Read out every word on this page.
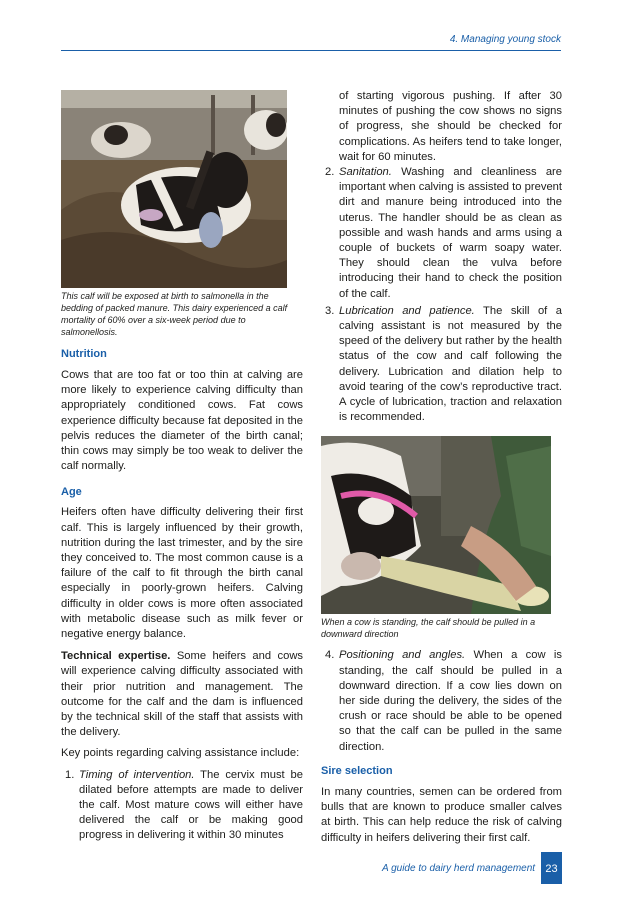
4. Managing young stock
This calf will be exposed at birth to salmonella in the bedding of packed manure. This dairy experienced a calf mortality of 60% over a six-week period due to salmonellosis.
Nutrition

Cows that are too fat or too thin at calving are more likely to experience calving difficulty than appropriately conditioned cows. Fat cows experience difficulty because fat deposited in the pelvis reduces the diameter of the birth canal; thin cows may simply be too weak to deliver the calf normally.

Age

Heifers often have difficulty delivering their first calf. This is largely influenced by their growth, nutrition during the last trimester, and by the sire they conceived to. The most common cause is a failure of the calf to fit through the birth canal especially in poorly-grown heifers. Calving difficulty in older cows is more often associated with metabolic disease such as milk fever or negative energy balance.

Technical expertise. Some heifers and cows will experience calving difficulty associated with their prior nutrition and management. The outcome for the calf and the dam is influenced by the technical skill of the staff that assists with the delivery.

Key points regarding calving assistance include:

1. Timing of intervention. The cervix must be dilated before attempts are made to deliver the calf. Most mature cows will either have delivered the calf or be making good progress in delivering it within 30 minutes
of starting vigorous pushing. If after 30 minutes of pushing the cow shows no signs of progress, she should be checked for complications. As heifers tend to take longer, wait for 60 minutes.
2. Sanitation. Washing and cleanliness are important when calving is assisted to prevent dirt and manure being introduced into the uterus. The handler should be as clean as possible and wash hands and arms using a couple of buckets of warm soapy water. They should clean the vulva before introducing their hand to check the position of the calf.
3. Lubrication and patience. The skill of a calving assistant is not measured by the speed of the delivery but rather by the health status of the cow and calf following the delivery. Lubrication and dilation help to avoid tearing of the cow’s reproductive tract. A cycle of lubrication, traction and relaxation is recommended.
When a cow is standing, the calf should be pulled in a downward direction
4. Positioning and angles. When a cow is standing, the calf should be pulled in a downward direction. If a cow lies down on her side during the delivery, the sides of the crush or race should be able to be opened so that the calf can be pulled in the same direction.
Sire selection

In many countries, semen can be ordered from bulls that are known to produce smaller calves at birth. This can help reduce the risk of calving difficulty in heifers delivering their first calf.

A guide to dairy herd management 23
